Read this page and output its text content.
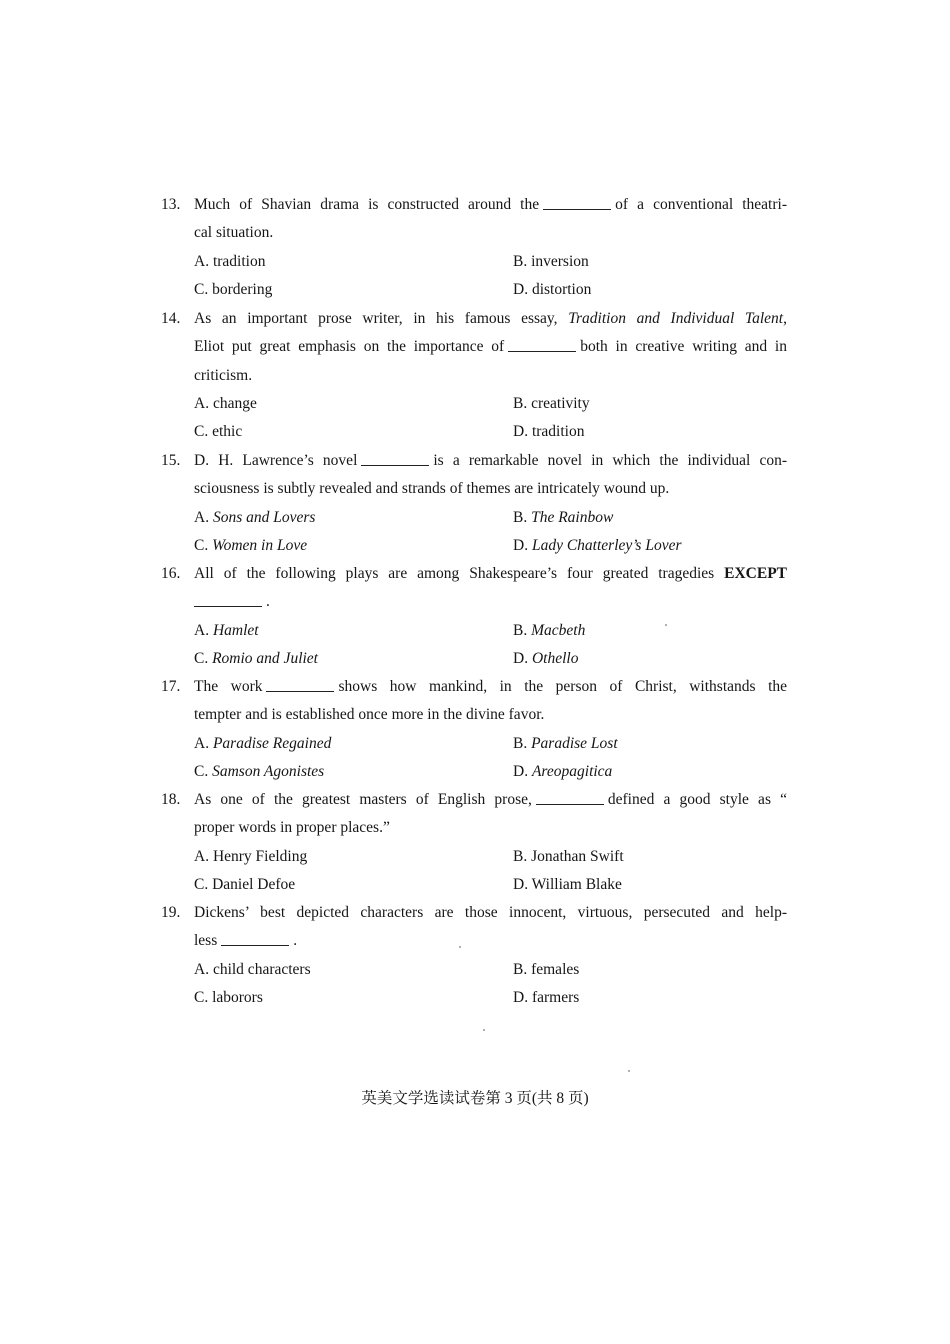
13. Much of Shavian drama is constructed around the	of a conventional theatri-
cal situation.
A. tradition	B. inversion
C. bordering	D. distortion
14. As an important prose writer, in his famous essay, Tradition and Individual Talent,
Eliot put great emphasis on the importance of	both in creative writing and in
criticism.
A. change	B. creativity
C. ethic	D. tradition
15. D. H. Lawrence’s novel	is a remarkable novel in which the individual con-
sciousness is subtly revealed and strands of themes are intricately wound up.
A. Sons and Lovers	B. The Rainbow
C. Women in Love	D. Lady Chatterley’s Lover
16. All of the following plays are among Shakespeare’s four greated tragedies EXCEPT
.
A. Hamlet	B. Macbeth
C. Romio and Juliet	D. Othello
17. The work	shows how mankind, in the person of Christ, withstands the
tempter and is established once more in the divine favor.
A. Paradise Regained	B. Paradise Lost
C. Samson Agonistes	D. Areopagitica
18. As one of the greatest masters of English prose,	defined a good style as “
proper words in proper places.”
A. Henry Fielding	B. Jonathan Swift
C. Daniel Defoe	D. William Blake
19. Dickens’ best depicted characters are those innocent, virtuous, persecuted and help-
less	.
A. child characters	B. females
C. laborors	D. farmers
英美文学选读试卷第 3 页(共 8 页)
